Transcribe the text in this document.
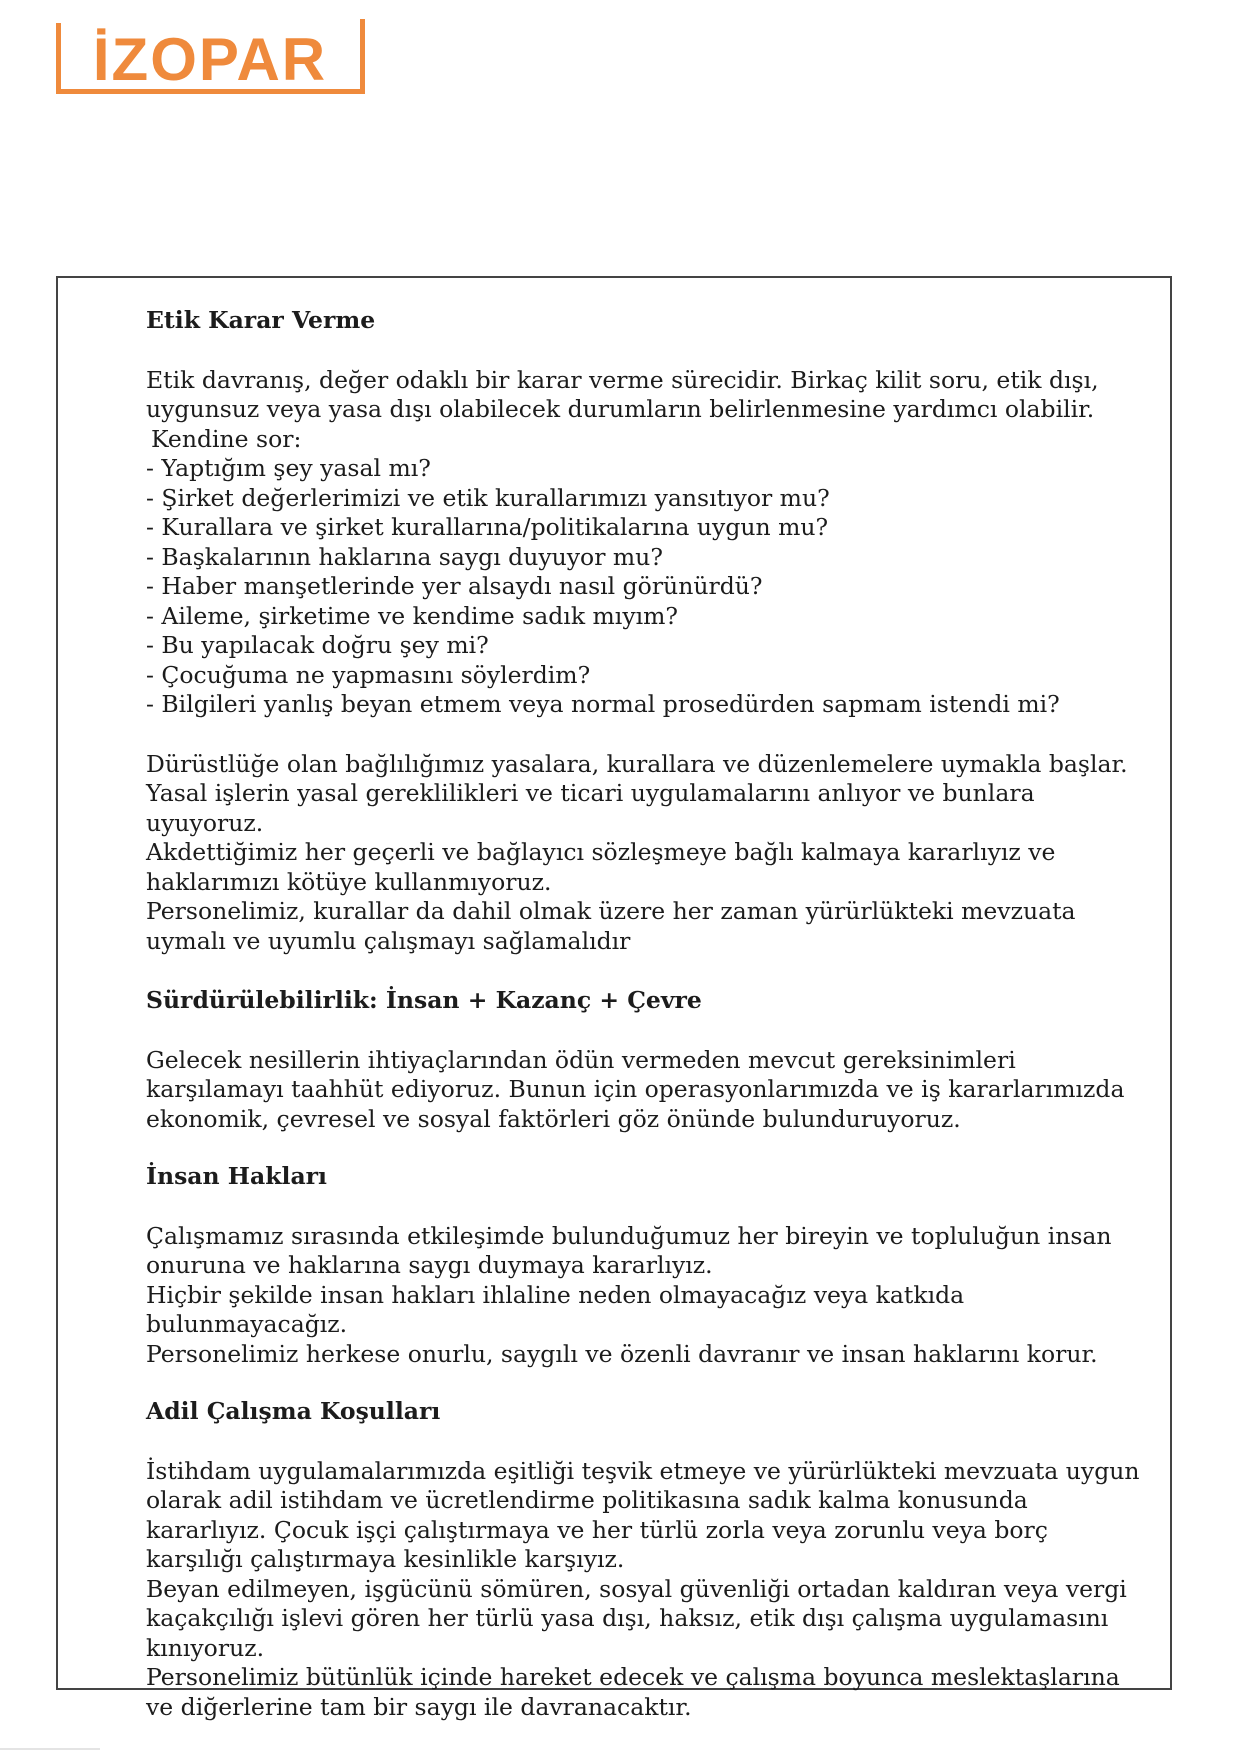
İZOPAR
Etik Karar Verme

Etik davranış, değer odaklı bir karar verme sürecidir. Birkaç kilit soru, etik dışı, uygunsuz veya yasa dışı olabilecek durumların belirlenmesine yardımcı olabilir.

Kendine sor:

- Yaptığım şey yasal mı?
- Şirket değerlerimizi ve etik kurallarımızı yansıtıyor mu?
- Kurallara ve şirket kurallarına/politikalarına uygun mu?
- Başkalarının haklarına saygı duyuyor mu?
- Haber manşetlerinde yer alsaydı nasıl görünürdü?
- Aileme, şirketime ve kendime sadık mıyım?
- Bu yapılacak doğru şey mi?
- Çocuğuma ne yapmasını söylerdim?
- Bilgileri yanlış beyan etmem veya normal prosedürden sapmam istendi mi?

Dürüstlüğe olan bağlılığımız yasalara, kurallara ve düzenlemelere uymakla başlar. Yasal işlerin yasal gereklilikleri ve ticari uygulamalarını anlıyor ve bunlara uyuyoruz.

Akdettiğimiz her geçerli ve bağlayıcı sözleşmeye bağlı kalmaya kararlıyız ve haklarımızı kötüye kullanmıyoruz.

Personelimiz, kurallar da dahil olmak üzere her zaman yürürlükteki mevzuata uymalı ve uyumlu çalışmayı sağlamalıdır

Sürdürülebilirlik: İnsan + Kazanç + Çevre

Gelecek nesillerin ihtiyaçlarından ödün vermeden mevcut gereksinimleri karşılamayı taahhüt ediyoruz. Bunun için operasyonlarımızda ve iş kararlarımızda ekonomik, çevresel ve sosyal faktörleri göz önünde bulunduruyoruz.

İnsan Hakları

Çalışmamız sırasında etkileşimde bulunduğumuz her bireyin ve topluluğun insan onuruna ve haklarına saygı duymaya kararlıyız.

Hiçbir şekilde insan hakları ihlaline neden olmayacağız veya katkıda bulunmayacağız.

Personelimiz herkese onurlu, saygılı ve özenli davranır ve insan haklarını korur.

Adil Çalışma Koşulları

İstihdam uygulamalarımızda eşitliği teşvik etmeye ve yürürlükteki mevzuata uygun olarak adil istihdam ve ücretlendirme politikasına sadık kalma konusunda kararlıyız. Çocuk işçi çalıştırmaya ve her türlü zorla veya zorunlu veya borç karşılığı çalıştırmaya kesinlikle karşıyız.

Beyan edilmeyen, işgücünü sömüren, sosyal güvenliği ortadan kaldıran veya vergi kaçakçılığı işlevi gören her türlü yasa dışı, haksız, etik dışı çalışma uygulamasını kınıyoruz.

Personelimiz bütünlük içinde hareket edecek ve çalışma boyunca meslektaşlarına ve diğerlerine tam bir saygı ile davranacaktır.
